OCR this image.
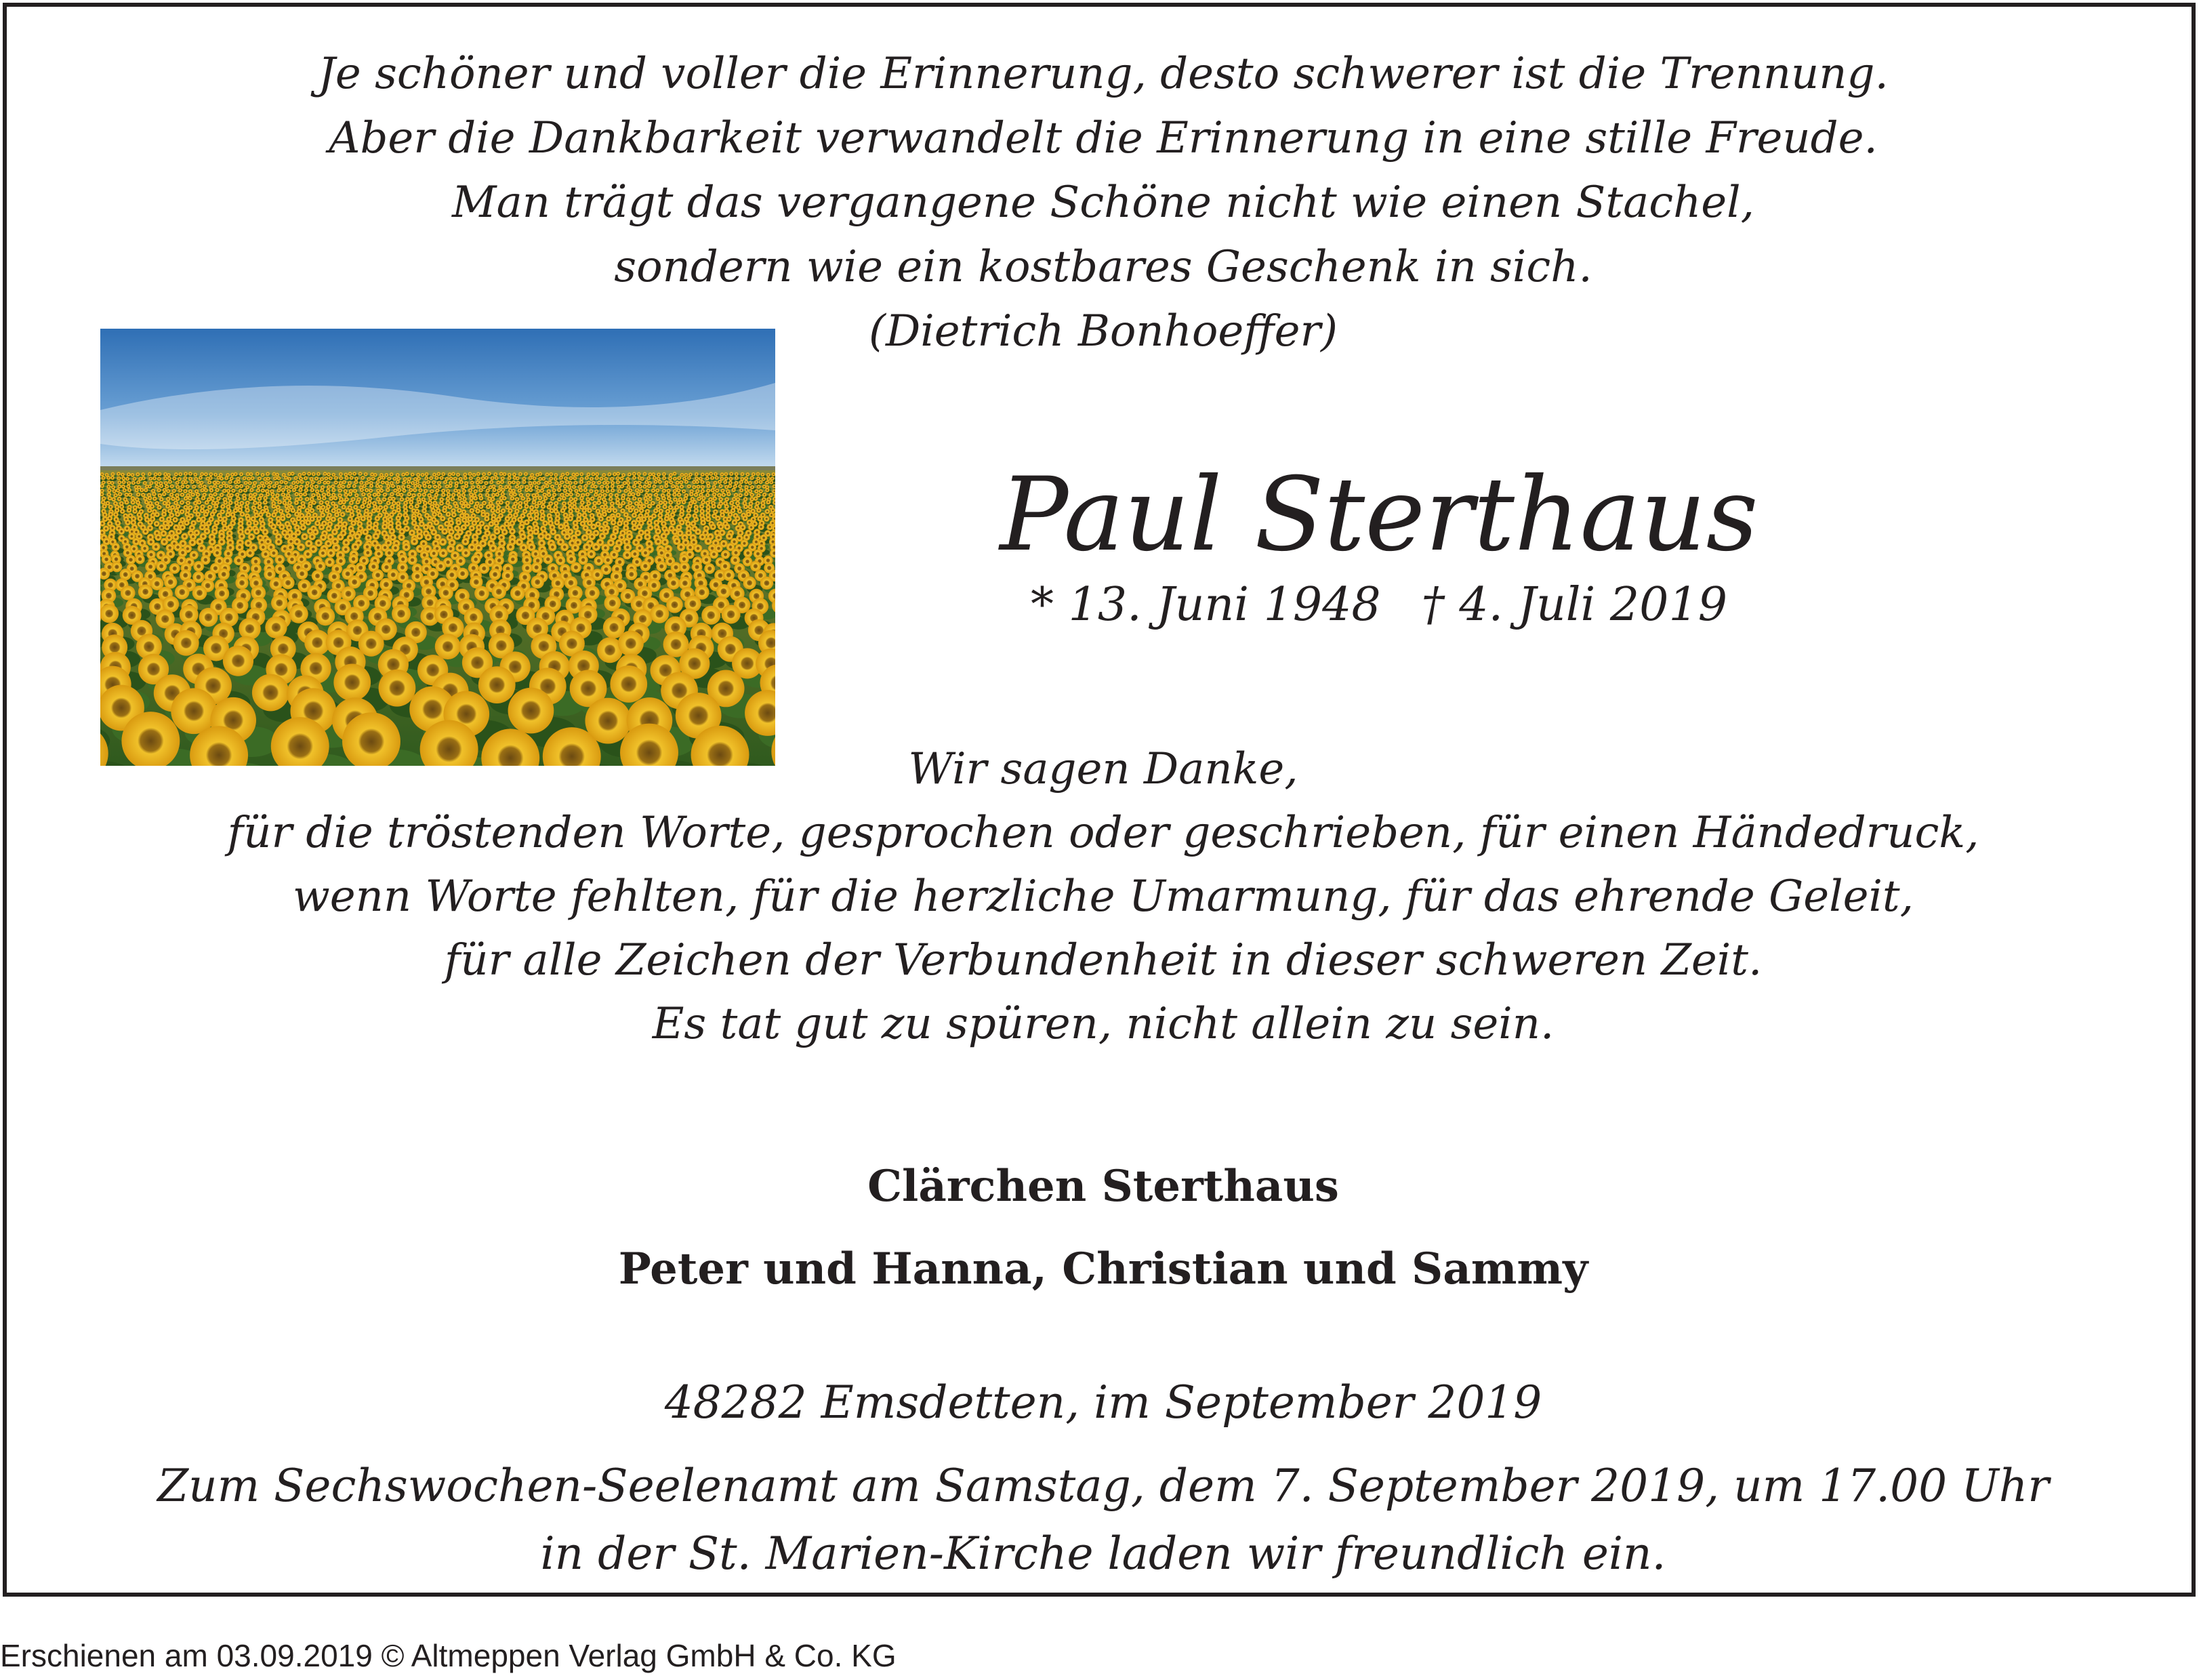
Je schöner und voller die Erinnerung, desto schwerer ist die Trennung.
Aber die Dankbarkeit verwandelt die Erinnerung in eine stille Freude.
Man trägt das vergangene Schöne nicht wie einen Stachel,
sondern wie ein kostbares Geschenk in sich.
(Dietrich Bonhoeffer)
Paul Sterthaus
* 13. Juni 1948 † 4. Juli 2019
Wir sagen Danke,
für die tröstenden Worte, gesprochen oder geschrieben, für einen Händedruck,
wenn Worte fehlten, für die herzliche Umarmung, für das ehrende Geleit,
für alle Zeichen der Verbundenheit in dieser schweren Zeit.
Es tat gut zu spüren, nicht allein zu sein.
Clärchen Sterthaus
Peter und Hanna, Christian und Sammy
48282 Emsdetten, im September 2019
Zum Sechswochen-Seelenamt am Samstag, dem 7. September 2019, um 17.00 Uhr
in der St. Marien-Kirche laden wir freundlich ein.
Erschienen am 03.09.2019 © Altmeppen Verlag GmbH & Co. KG
